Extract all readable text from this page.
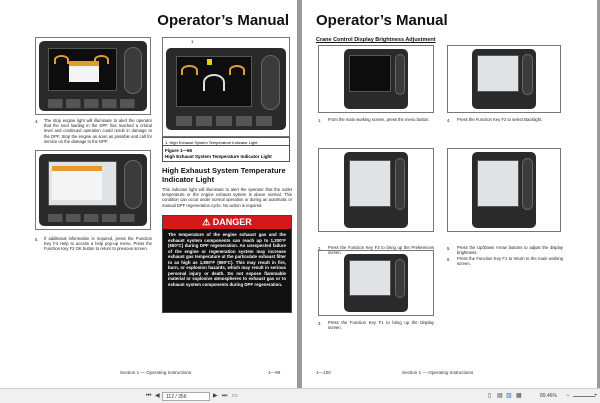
Operator’s Manual
4. The stop engine light will illuminate to alert the operator that the soot loading in the DPF has reached a critical level and continued operation could result in damage to the DPF. Stop the engine as soon as possible and call for service on the damage to the DPF.
5. If additional information is required, press the Function Key F4 Help to access a help pop-up menu. Press the Function Key F2 OK button to return to previous screen.
1
1. High Exhaust System Temperature Indicator Light
Figure 1—65
High Exhaust System Temperature Indicator Light
High Exhaust System Temperature Indicator Light
This indicator light will illuminate to alert the operator that the outlet temperature or the engine exhaust system is above normal. This condition can occur under normal operation or during an automatic or manual DPF regeneration cycle. No action is required.
⚠ DANGER
The temperature of the engine exhaust gas and the exhaust system components can reach up to 1,200°F (650°C) during DPF regeneration. An unexpected failure of the engine or regeneration system may increase exhaust gas temperature at the particulate exhaust filter to as high as 1,800°F (980°C). This may result in fire, burn, or explosion hazards, which may result in serious personal injury or death. Do not expose flammable material or explosive atmospheres to exhaust gas or to exhaust system components during DPF regeneration.
Section 1 — Operating Instructions	1—99
Operator’s Manual
Crane Control Display Brightness Adjustment
1. From the main working screen, press the menu button.
2. Press the Function Key F3 to bring up the Preferences screen.
3. Press the Function Key F1 to bring up the Display screen.
4. Press the Function Key F2 to select Backlight.
5. Press the Up/Down Arrow buttons to adjust the display brightness.
6. Press the Function Key F1 to return to the main working screen.
1—100	Section 1 — Operating Instructions
⏮ ◀	112 / 356	▶ ⏭ ▭	▯ ▤ ▥ ▦	89.46% −	+
